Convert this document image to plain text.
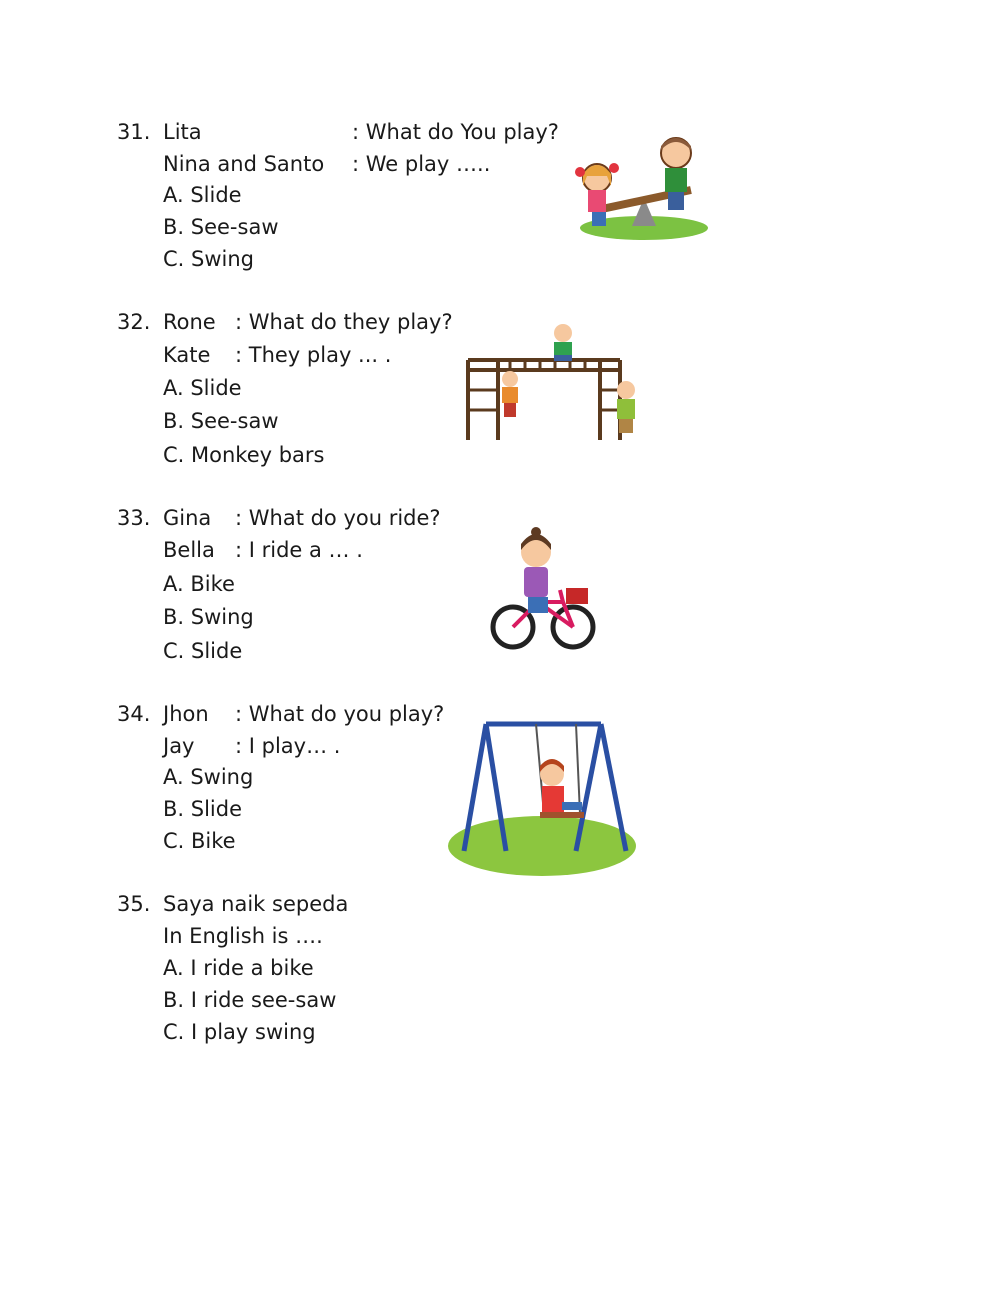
31. Lita	: What do You play?
Nina and Santo : We play …..
A. Slide
B. See-saw
C. Swing
32. Rone : What do they play?
Kate : They play ... .
A. Slide
B. See-saw
C. Monkey bars
33. Gina : What do you ride?
Bella : I ride a … .
A. Bike
B. Swing
C. Slide
34. Jhon : What do you play?
Jay : I play… .
A. Swing
B. Slide
C. Bike
35. Saya naik sepeda
In English is ….
A. I ride a bike
B. I ride see-saw
C. I play swing
